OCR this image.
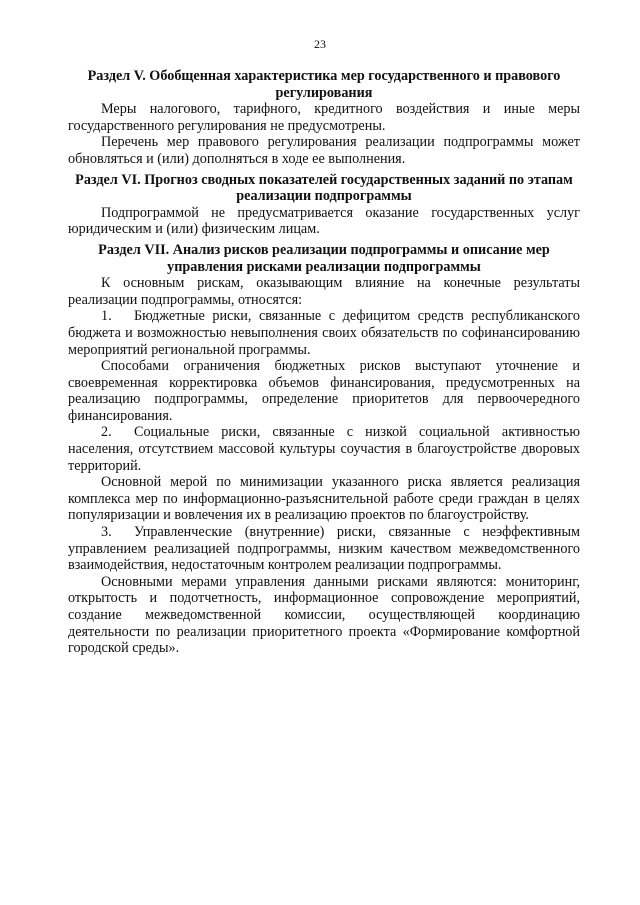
23
Раздел V. Обобщенная характеристика мер государственного и правового регулирования

Меры налогового, тарифного, кредитного воздействия и иные меры государственного регулирования не предусмотрены.

Перечень мер правового регулирования реализации подпрограммы может обновляться и (или) дополняться в ходе ее выполнения.

Раздел VI. Прогноз сводных показателей государственных заданий по этапам реализации подпрограммы

Подпрограммой не предусматривается оказание государственных услуг юридическим и (или) физическим лицам.

Раздел VII. Анализ рисков реализации подпрограммы и описание мер управления рисками реализации подпрограммы

К основным рискам, оказывающим влияние на конечные результаты реализации подпрограммы, относятся:

1. Бюджетные риски, связанные с дефицитом средств республиканского бюджета и возможностью невыполнения своих обязательств по софинансированию мероприятий региональной программы.

Способами ограничения бюджетных рисков выступают уточнение и своевременная корректировка объемов финансирования, предусмотренных на реализацию подпрограммы, определение приоритетов для первоочередного финансирования.

2. Социальные риски, связанные с низкой социальной активностью населения, отсутствием массовой культуры соучастия в благоустройстве дворовых территорий.

Основной мерой по минимизации указанного риска является реализация комплекса мер по информационно-разъяснительной работе среди граждан в целях популяризации и вовлечения их в реализацию проектов по благоустройству.

3. Управленческие (внутренние) риски, связанные с неэффективным управлением реализацией подпрограммы, низким качеством межведомственного взаимодействия, недостаточным контролем реализации подпрограммы.

Основными мерами управления данными рисками являются: мониторинг, открытость и подотчетность, информационное сопровождение мероприятий, создание межведомственной комиссии, осуществляющей координацию деятельности по реализации приоритетного проекта «Формирование комфортной городской среды».
